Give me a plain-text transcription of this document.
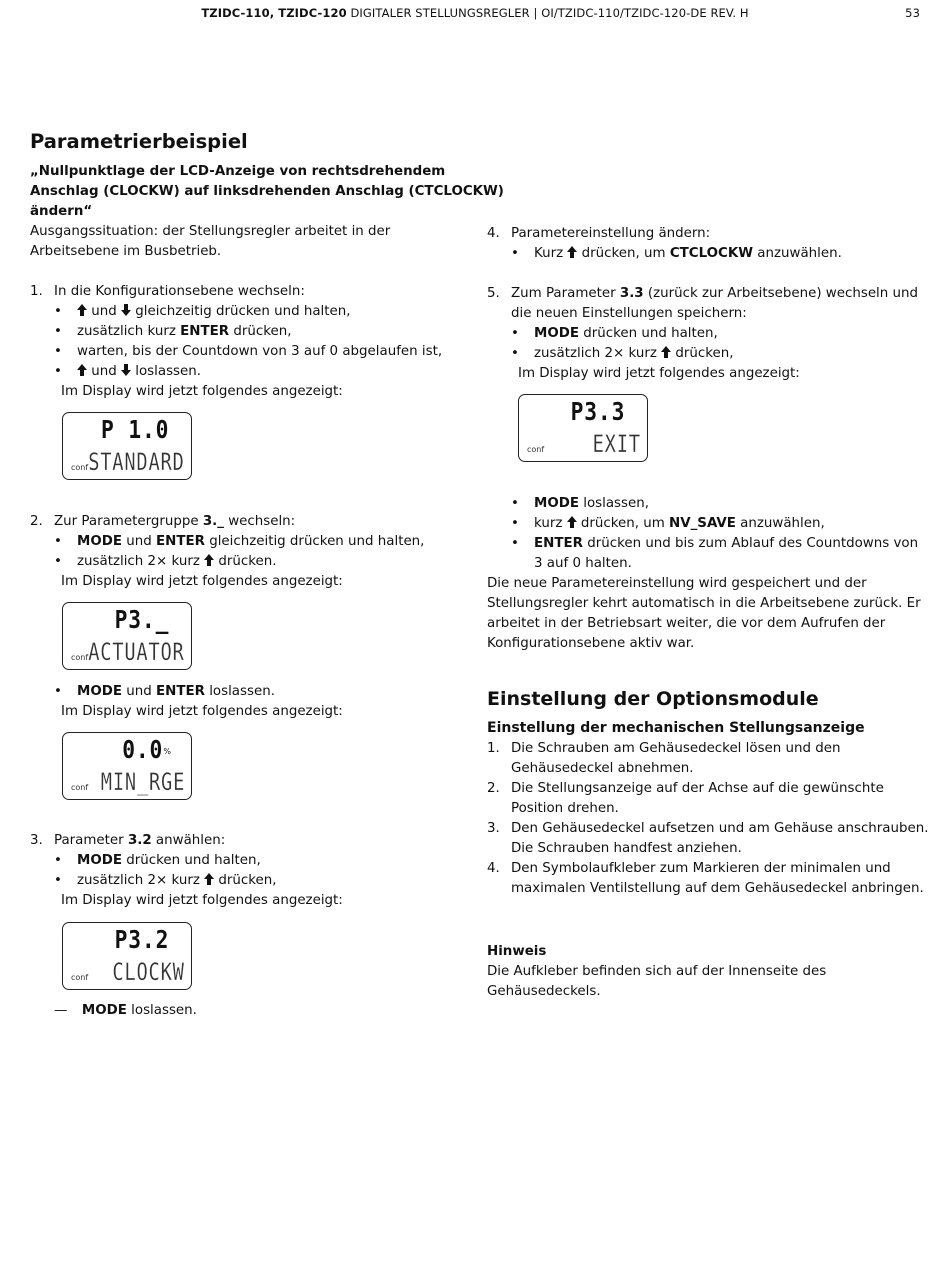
TZIDC-110, TZIDC-120 DIGITALER STELLUNGSREGLER | OI/TZIDC-110/TZIDC-120-DE REV. H	53
Parametrierbeispiel
„Nullpunktlage der LCD-Anzeige von rechtsdrehendem
Anschlag (CLOCKW) auf linksdrehenden Anschlag (CTCLOCKW)
ändern“
Ausgangssituation: der Stellungsregler arbeitet in der
Arbeitsebene im Busbetrieb.
1. In die Konfigurationsebene wechseln:
und  gleichzeitig drücken und halten,
zusätzlich kurz ENTER drücken,
warten, bis der Countdown von 3 auf 0 abgelaufen ist,
und  loslassen.
Im Display wird jetzt folgendes angezeigt:
P 1.0
conf STANDARD
2. Zur Parametergruppe 3._ wechseln:
MODE und ENTER gleichzeitig drücken und halten,
zusätzlich 2× kurz  drücken.
Im Display wird jetzt folgendes angezeigt:
P3._
conf ACTUATOR
MODE und ENTER loslassen.
Im Display wird jetzt folgendes angezeigt:
0.0 %
conf MIN_RGE
3. Parameter 3.2 anwählen:
MODE drücken und halten,
zusätzlich 2× kurz  drücken,
Im Display wird jetzt folgendes angezeigt:
P3.2
conf CLOCKW
— MODE loslassen.
4. Parametereinstellung ändern:
Kurz  drücken, um CTCLOCKW anzuwählen.
5. Zum Parameter 3.3 (zurück zur Arbeitsebene) wechseln und
die neuen Einstellungen speichern:
MODE drücken und halten,
zusätzlich 2× kurz  drücken,
Im Display wird jetzt folgendes angezeigt:
P3.3
conf EXIT
MODE loslassen,
kurz  drücken, um NV_SAVE anzuwählen,
ENTER drücken und bis zum Ablauf des Countdowns von
3 auf 0 halten.
Die neue Parametereinstellung wird gespeichert und der
Stellungsregler kehrt automatisch in die Arbeitsebene zurück. Er
arbeitet in der Betriebsart weiter, die vor dem Aufrufen der
Konfigurationsebene aktiv war.
Einstellung der Optionsmodule
Einstellung der mechanischen Stellungsanzeige
1. Die Schrauben am Gehäusedeckel lösen und den
Gehäusedeckel abnehmen.
2. Die Stellungsanzeige auf der Achse auf die gewünschte
Position drehen.
3. Den Gehäusedeckel aufsetzen und am Gehäuse anschrauben.
Die Schrauben handfest anziehen.
4. Den Symbolaufkleber zum Markieren der minimalen und
maximalen Ventilstellung auf dem Gehäusedeckel anbringen.
Hinweis
Die Aufkleber befinden sich auf der Innenseite des
Gehäusedeckels.
